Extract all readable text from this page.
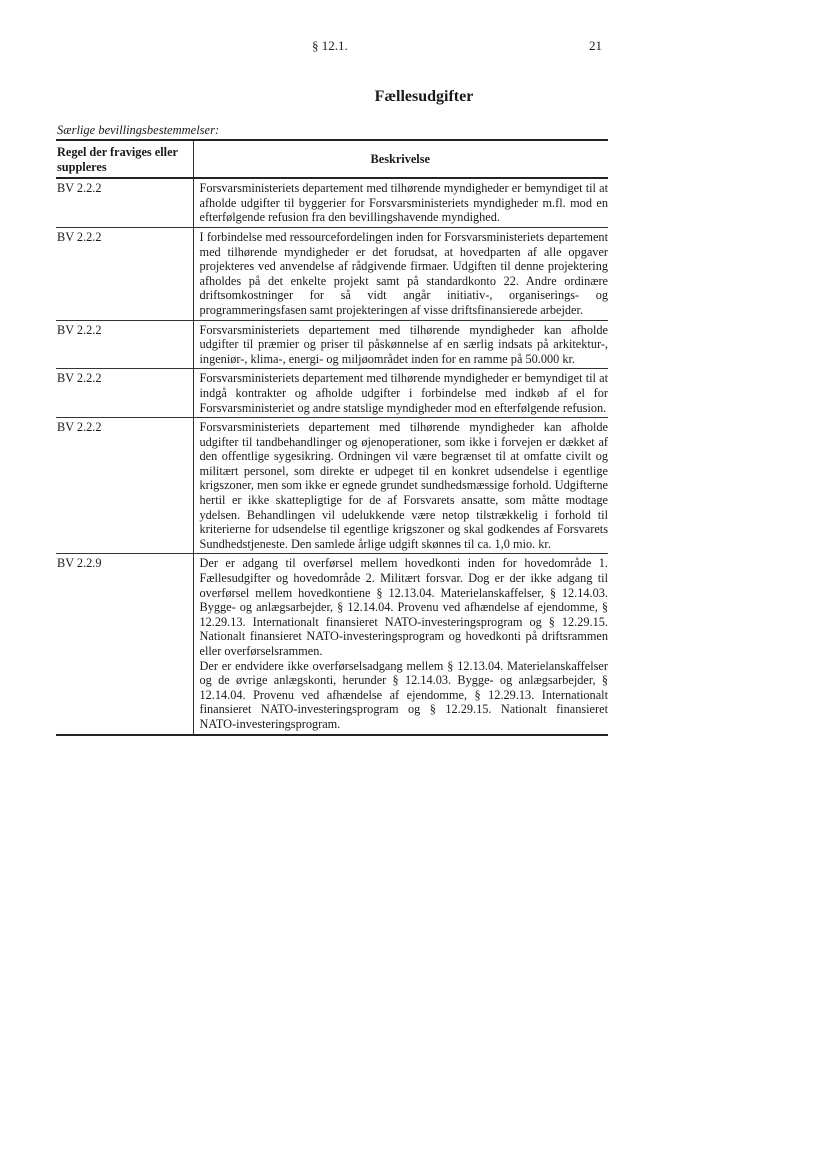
§ 12.1.	21
Fællesudgifter
Særlige bevillingsbestemmelser:
Regel der fraviges eller suppleres	Beskrivelse
BV 2.2.2	Forsvarsministeriets departement med tilhørende myndigheder er bemyndiget til at afholde udgifter til byggerier for Forsvarsministeriets myndigheder m.fl. mod en efterfølgende refusion fra den bevillingshavende myndighed.

BV 2.2.2	I forbindelse med ressourcefordelingen inden for Forsvarsministeriets departement med tilhørende myndigheder er det forudsat, at hovedparten af alle opgaver projekteres ved anvendelse af rådgivende firmaer. Udgiften til denne projektering afholdes på det enkelte projekt samt på standardkonto 22. Andre ordinære driftsomkostninger for så vidt angår initiativ-, organiserings- og programmeringsfasen samt projekteringen af visse driftsfinansierede arbejder.

BV 2.2.2	Forsvarsministeriets departement med tilhørende myndigheder kan afholde udgifter til præmier og priser til påskønnelse af en særlig indsats på arkitektur-, ingeniør-, klima-, energi- og miljøområdet inden for en ramme på 50.000 kr.

BV 2.2.2	Forsvarsministeriets departement med tilhørende myndigheder er bemyndiget til at indgå kontrakter og afholde udgifter i forbindelse med indkøb af el for Forsvarsministeriet og andre statslige myndigheder mod en efterfølgende refusion.

BV 2.2.2	Forsvarsministeriets departement med tilhørende myndigheder kan afholde udgifter til tandbehandlinger og øjenoperationer, som ikke i forvejen er dækket af den offentlige sygesikring. Ordningen vil være begrænset til at omfatte civilt og militært personel, som direkte er udpeget til en konkret udsendelse i egentlige krigszoner, men som ikke er egnede grundet sundhedsmæssige forhold. Udgifterne hertil er ikke skattepligtige for de af Forsvarets ansatte, som måtte modtage ydelsen. Behandlingen vil udelukkende være netop tilstrækkelig i forhold til kriterierne for udsendelse til egentlige krigszoner og skal godkendes af Forsvarets Sundhedstjeneste. Den samlede årlige udgift skønnes til ca. 1,0 mio. kr.

BV 2.2.9	Der er adgang til overførsel mellem hovedkonti inden for hovedområde 1. Fællesudgifter og hovedområde 2. Militært forsvar. Dog er der ikke adgang til overførsel mellem hovedkontiene § 12.13.04. Materielanskaffelser, § 12.14.03. Bygge- og anlægsarbejder, § 12.14.04. Provenu ved afhændelse af ejendomme, § 12.29.13. Internationalt finansieret NATO-investeringsprogram og § 12.29.15. Nationalt finansieret NATO-investeringsprogram og hovedkonti på driftsrammen eller overførselsrammen.
Der er endvidere ikke overførselsadgang mellem § 12.13.04. Materielanskaffelser og de øvrige anlægskonti, herunder § 12.14.03. Bygge- og anlægsarbejder, § 12.14.04. Provenu ved afhændelse af ejendomme, § 12.29.13. Internationalt finansieret NATO-investeringsprogram og § 12.29.15. Nationalt finansieret NATO-investeringsprogram.
